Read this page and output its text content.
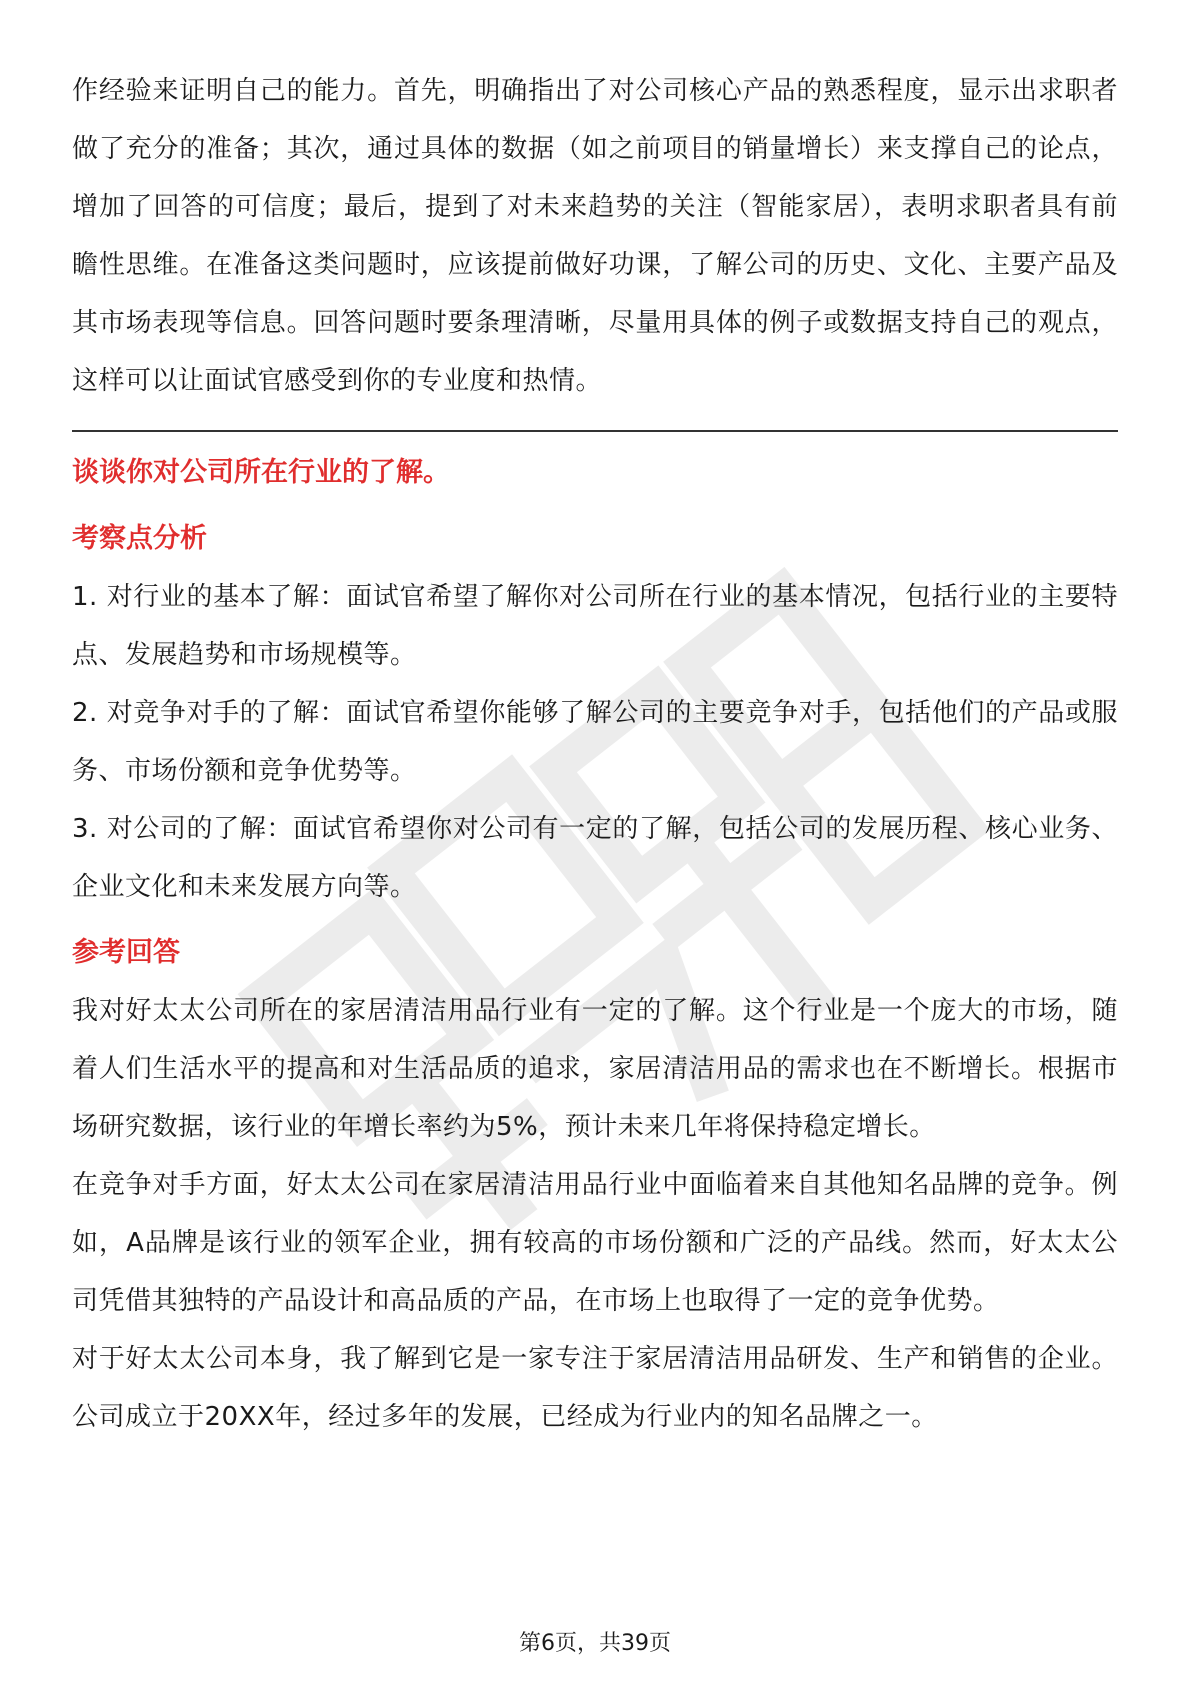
作经验来证明自己的能力。首先，明确指出了对公司核心产品的熟悉程度，显示出求职者做了充分的准备；其次，通过具体的数据（如之前项目的销量增长）来支撑自己的论点，增加了回答的可信度；最后，提到了对未来趋势的关注（智能家居），表明求职者具有前瞻性思维。在准备这类问题时，应该提前做好功课，了解公司的历史、文化、主要产品及其市场表现等信息。回答问题时要条理清晰，尽量用具体的例子或数据支持自己的观点，这样可以让面试官感受到你的专业度和热情。

谈谈你对公司所在行业的了解。

考察点分析

1. 对行业的基本了解：面试官希望了解你对公司所在行业的基本情况，包括行业的主要特点、发展趋势和市场规模等。

2. 对竞争对手的了解：面试官希望你能够了解公司的主要竞争对手，包括他们的产品或服务、市场份额和竞争优势等。

3. 对公司的了解：面试官希望你对公司有一定的了解，包括公司的发展历程、核心业务、企业文化和未来发展方向等。

参考回答

我对好太太公司所在的家居清洁用品行业有一定的了解。这个行业是一个庞大的市场，随着人们生活水平的提高和对生活品质的追求，家居清洁用品的需求也在不断增长。根据市场研究数据，该行业的年增长率约为5%，预计未来几年将保持稳定增长。

在竞争对手方面，好太太公司在家居清洁用品行业中面临着来自其他知名品牌的竞争。例如，A品牌是该行业的领军企业，拥有较高的市场份额和广泛的产品线。然而，好太太公司凭借其独特的产品设计和高品质的产品，在市场上也取得了一定的竞争优势。

对于好太太公司本身，我了解到它是一家专注于家居清洁用品研发、生产和销售的企业。公司成立于20XX年，经过多年的发展，已经成为行业内的知名品牌之一。

第6页，共39页
